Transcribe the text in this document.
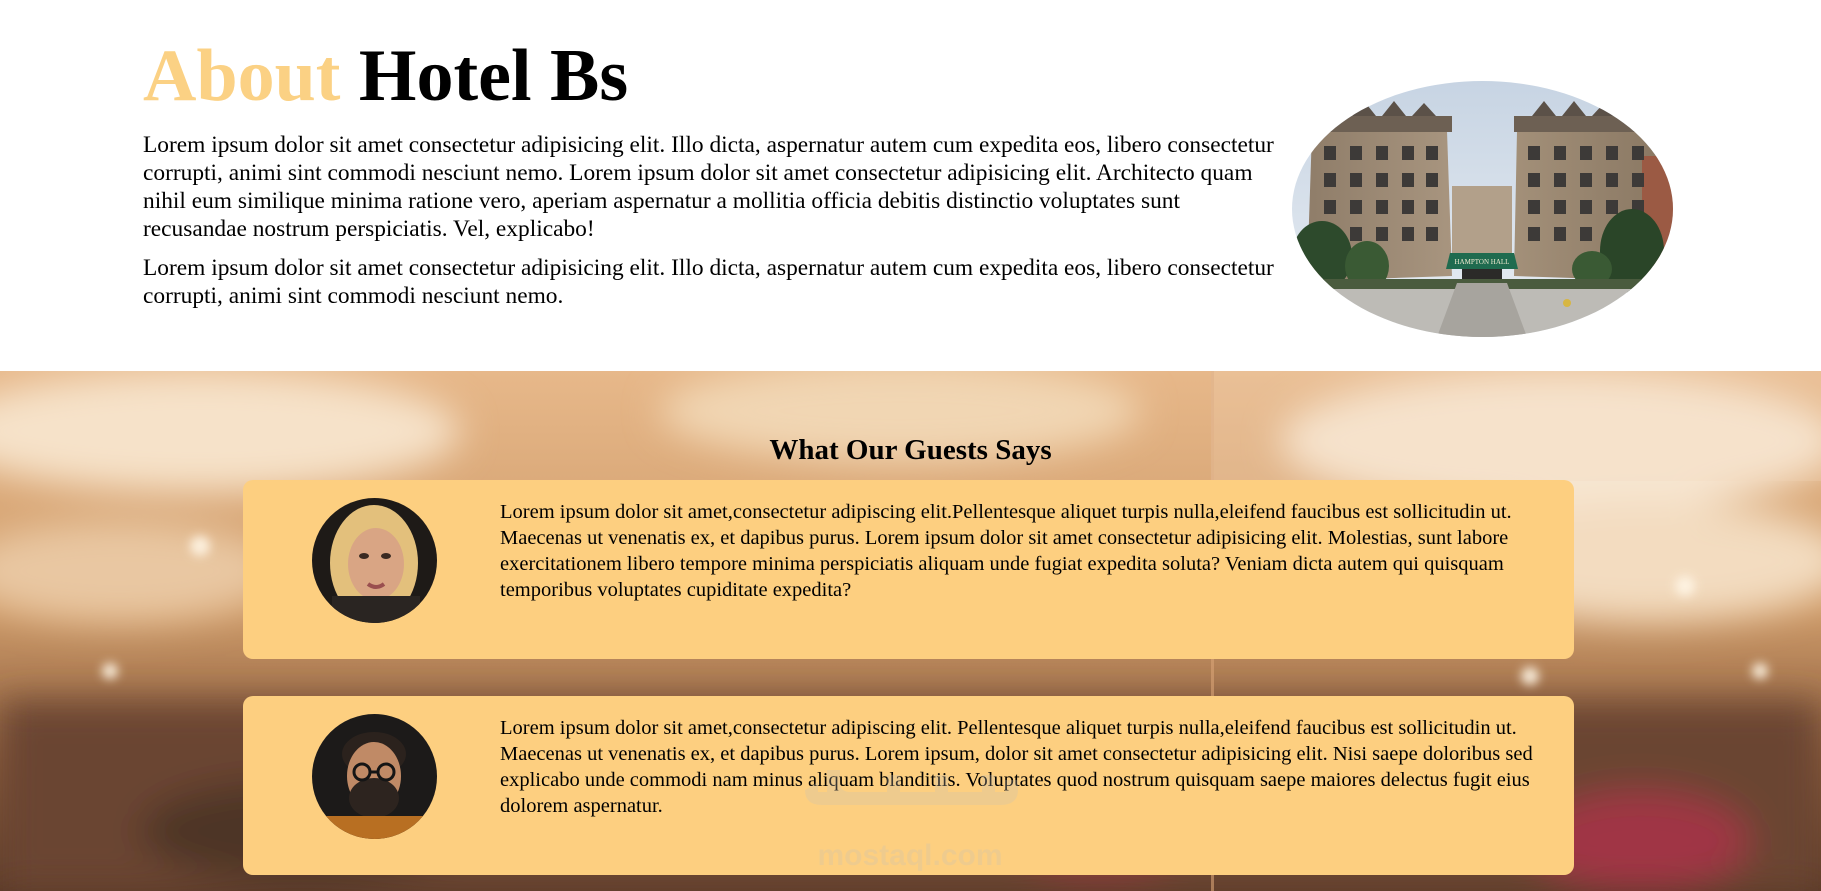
About Hotel Bs

Lorem ipsum dolor sit amet consectetur adipisicing elit. Illo dicta, aspernatur autem cum expedita eos, libero consectetur corrupti, animi sint commodi nesciunt nemo. Lorem ipsum dolor sit amet consectetur adipisicing elit. Architecto quam nihil eum similique minima ratione vero, aperiam aspernatur a mollitia officia debitis distinctio voluptates sunt recusandae nostrum perspiciatis. Vel, explicabo!

Lorem ipsum dolor sit amet consectetur adipisicing elit. Illo dicta, aspernatur autem cum expedita eos, libero consectetur corrupti, animi sint commodi nesciunt nemo.

HAMPTON HALL
What Our Guests Says

Lorem ipsum dolor sit amet,consectetur adipiscing elit.Pellentesque aliquet turpis nulla,eleifend faucibus est sollicitudin ut. Maecenas ut venenatis ex, et dapibus purus. Lorem ipsum dolor sit amet consectetur adipisicing elit. Molestias, sunt labore exercitationem libero tempore minima perspiciatis aliquam unde fugiat expedita soluta? Veniam dicta autem qui quisquam temporibus voluptates cupiditate expedita?

Lorem ipsum dolor sit amet,consectetur adipiscing elit. Pellentesque aliquet turpis nulla,eleifend faucibus est sollicitudin ut. Maecenas ut venenatis ex, et dapibus purus. Lorem ipsum, dolor sit amet consectetur adipisicing elit. Nisi saepe doloribus sed explicabo unde commodi nam minus aliquam blanditiis. Voluptates quod nostrum quisquam saepe maiores delectus fugit eius dolorem aspernatur.

mostaql.com
